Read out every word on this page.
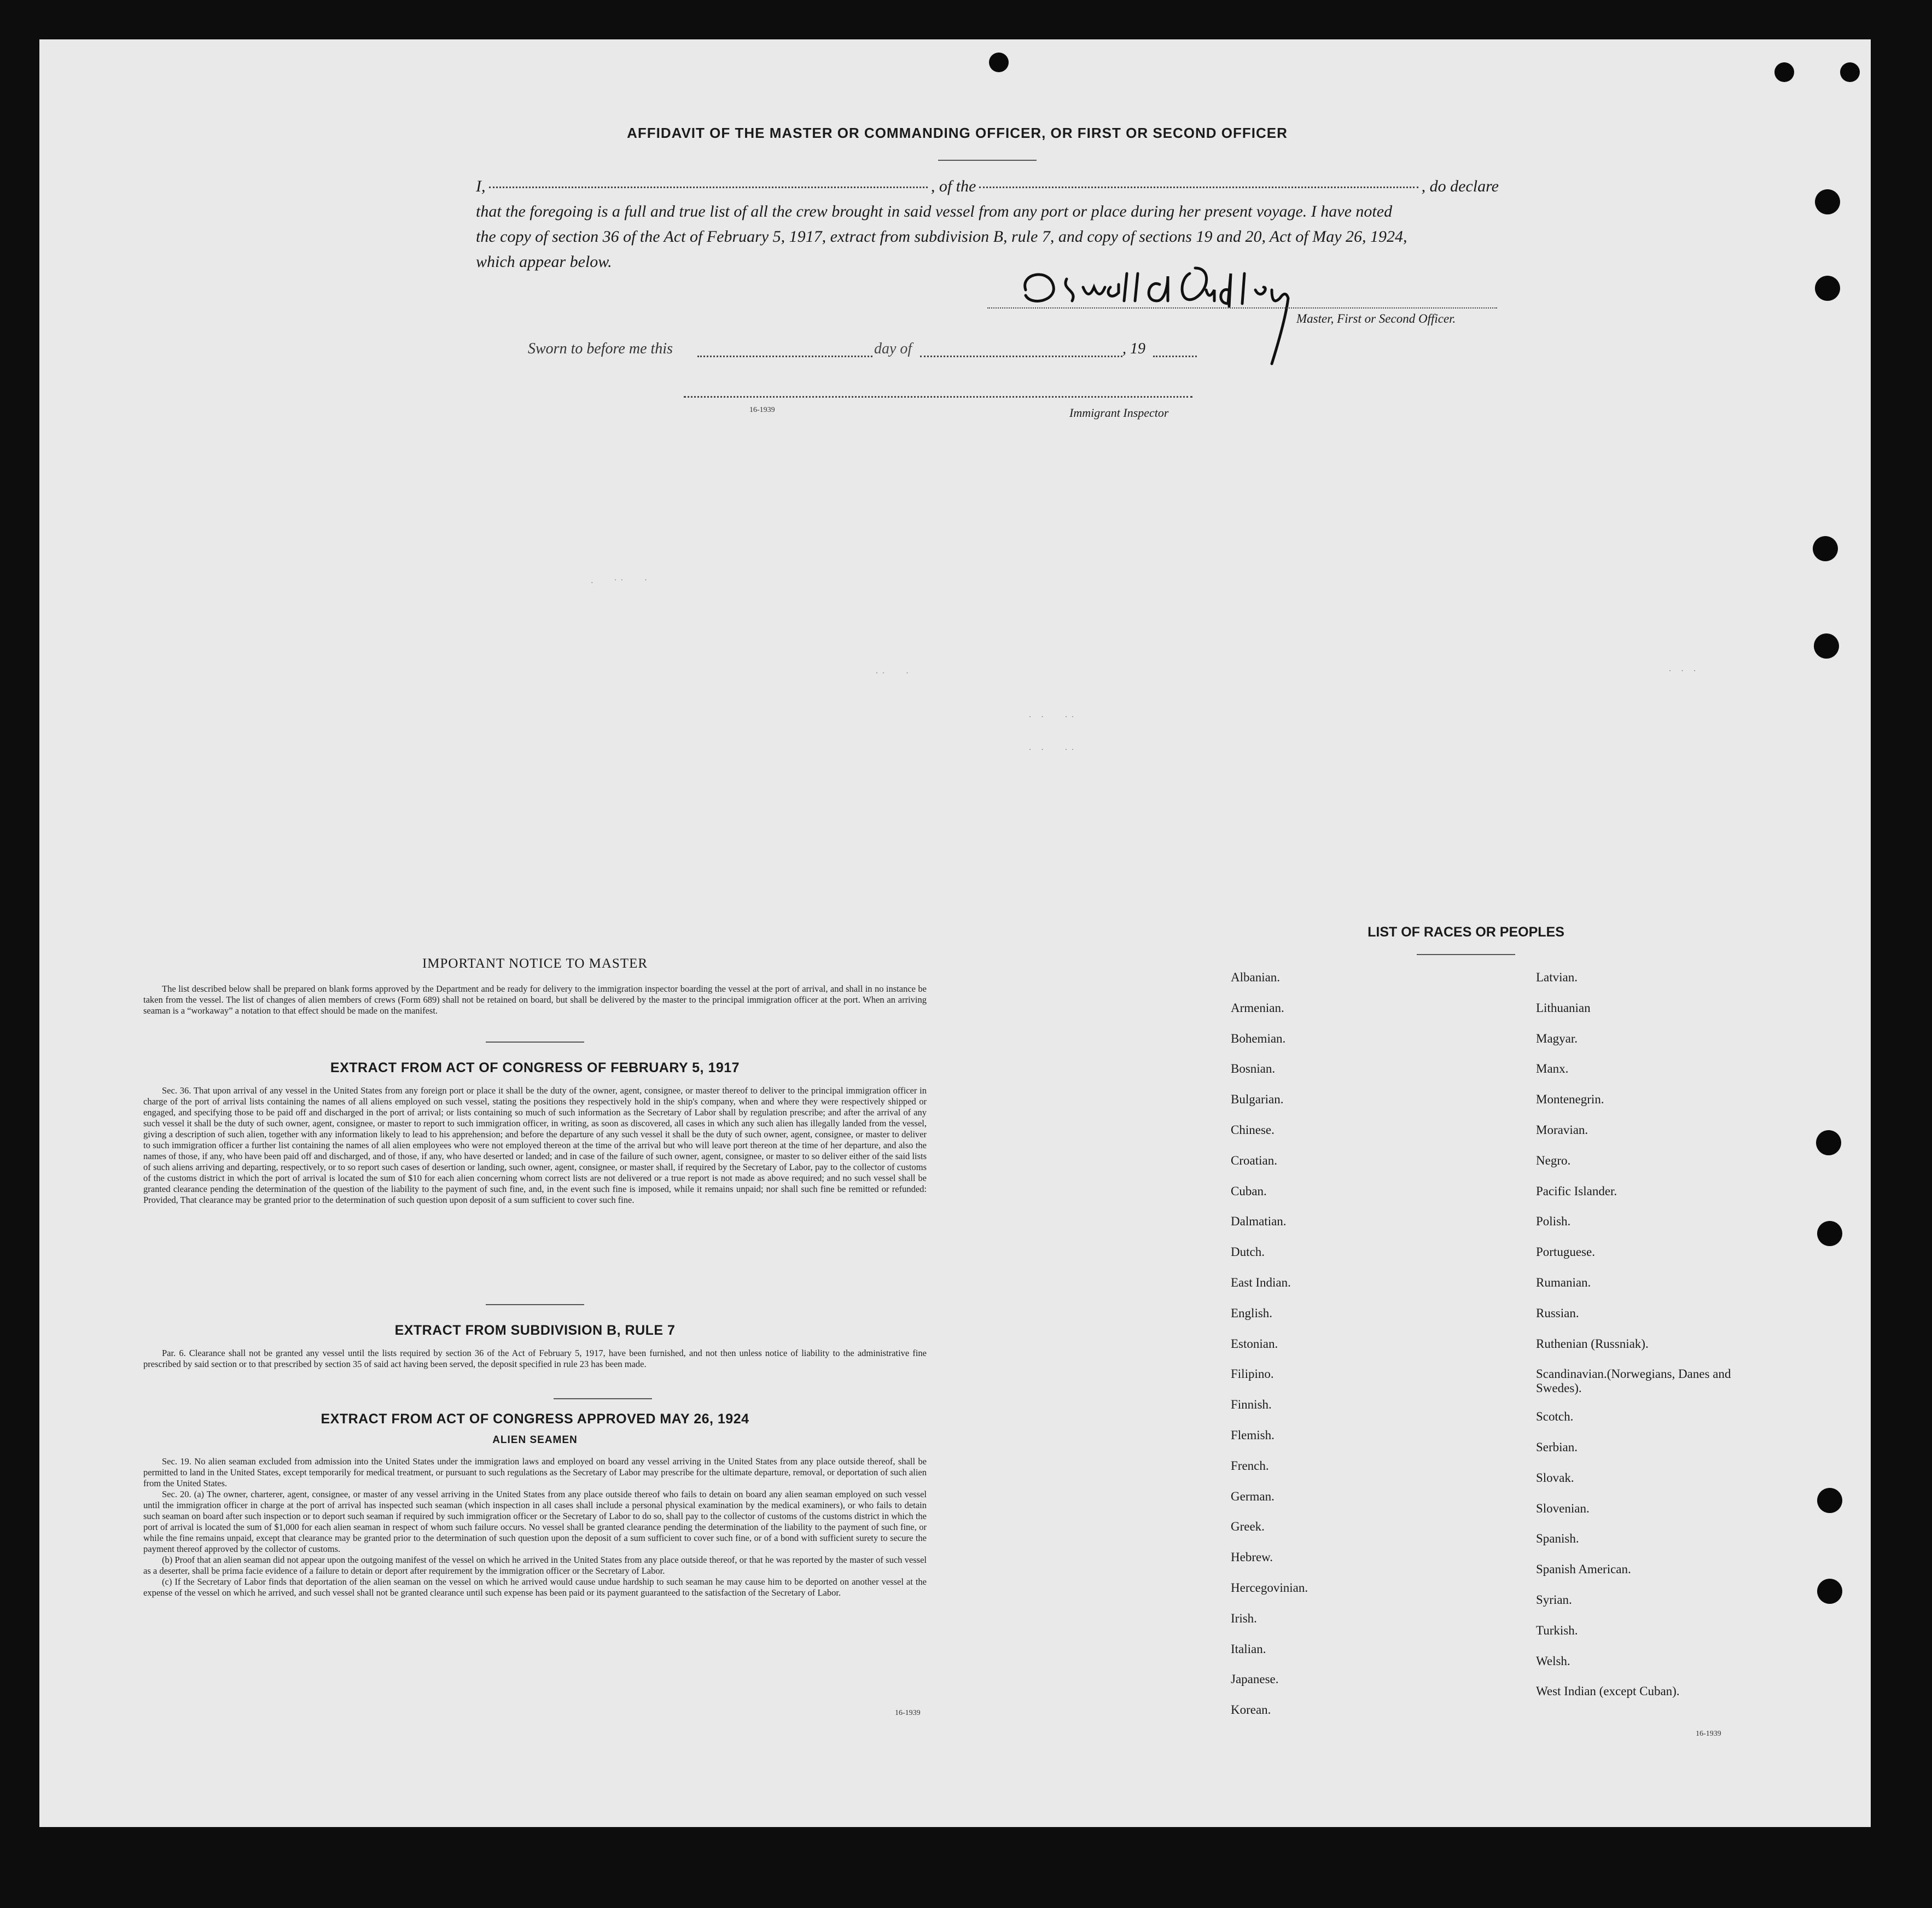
AFFIDAVIT OF THE MASTER OR COMMANDING OFFICER, OR FIRST OR SECOND OFFICER
I,	, of the	, do declare
that the foregoing is a full and true list of all the crew brought in said vessel from any port or place during her present voyage. I have noted
the copy of section 36 of the Act of February 5, 1917, extract from subdivision B, rule 7, and copy of sections 19 and 20, Act of May 26, 1924,
which appear below.
Master, First or Second Officer.
Sworn to before me this	day of	, 19
16-1939	Immigrant Inspector
.   ··   ·
··   ·
· ·   ··
· ·   ··
· · ·
IMPORTANT NOTICE TO MASTER

The list described below shall be prepared on blank forms approved by the Department and be ready for delivery to the immigration inspector boarding the vessel at the port of arrival, and shall in no instance be taken from the vessel. The list of changes of alien members of crews (Form 689) shall not be retained on board, but shall be delivered by the master to the principal immigration officer at the port. When an arriving seaman is a “workaway” a notation to that effect should be made on the manifest.

EXTRACT FROM ACT OF CONGRESS OF FEBRUARY 5, 1917

Sec. 36. That upon arrival of any vessel in the United States from any foreign port or place it shall be the duty of the owner, agent, consignee, or master thereof to deliver to the principal immigration officer in charge of the port of arrival lists containing the names of all aliens employed on such vessel, stating the positions they respectively hold in the ship's company, when and where they were respectively shipped or engaged, and specifying those to be paid off and discharged in the port of arrival; or lists containing so much of such information as the Secretary of Labor shall by regulation prescribe; and after the arrival of any such vessel it shall be the duty of such owner, agent, consignee, or master to report to such immigration officer, in writing, as soon as discovered, all cases in which any such alien has illegally landed from the vessel, giving a description of such alien, together with any information likely to lead to his apprehension; and before the departure of any such vessel it shall be the duty of such owner, agent, consignee, or master to deliver to such immigration officer a further list containing the names of all alien employees who were not employed thereon at the time of the arrival but who will leave port thereon at the time of her departure, and also the names of those, if any, who have been paid off and discharged, and of those, if any, who have deserted or landed; and in case of the failure of such owner, agent, consignee, or master to so deliver either of the said lists of such aliens arriving and departing, respectively, or to so report such cases of desertion or landing, such owner, agent, consignee, or master shall, if required by the Secretary of Labor, pay to the collector of customs of the customs district in which the port of arrival is located the sum of $10 for each alien concerning whom correct lists are not delivered or a true report is not made as above required; and no such vessel shall be granted clearance pending the determination of the question of the liability to the payment of such fine, and, in the event such fine is imposed, while it remains unpaid; nor shall such fine be remitted or refunded: Provided, That clearance may be granted prior to the determination of such question upon deposit of a sum sufficient to cover such fine.

EXTRACT FROM SUBDIVISION B, RULE 7

Par. 6. Clearance shall not be granted any vessel until the lists required by section 36 of the Act of February 5, 1917, have been furnished, and not then unless notice of liability to the administrative fine prescribed by said section or to that prescribed by section 35 of said act having been served, the deposit specified in rule 23 has been made.

EXTRACT FROM ACT OF CONGRESS APPROVED MAY 26, 1924
ALIEN SEAMEN

Sec. 19. No alien seaman excluded from admission into the United States under the immigration laws and employed on board any vessel arriving in the United States from any place outside thereof, shall be permitted to land in the United States, except temporarily for medical treatment, or pursuant to such regulations as the Secretary of Labor may prescribe for the ultimate departure, removal, or deportation of such alien from the United States.

Sec. 20. (a) The owner, charterer, agent, consignee, or master of any vessel arriving in the United States from any place outside thereof who fails to detain on board any alien seaman employed on such vessel until the immigration officer in charge at the port of arrival has inspected such seaman (which inspection in all cases shall include a personal physical examination by the medical examiners), or who fails to detain such seaman on board after such inspection or to deport such seaman if required by such immigration officer or the Secretary of Labor to do so, shall pay to the collector of customs of the customs district in which the port of arrival is located the sum of $1,000 for each alien seaman in respect of whom such failure occurs. No vessel shall be granted clearance pending the determination of the liability to the payment of such fine, or while the fine remains unpaid, except that clearance may be granted prior to the determination of such question upon the deposit of a sum sufficient to cover such fine, or of a bond with sufficient surety to secure the payment thereof approved by the collector of customs.

(b) Proof that an alien seaman did not appear upon the outgoing manifest of the vessel on which he arrived in the United States from any place outside thereof, or that he was reported by the master of such vessel as a deserter, shall be prima facie evidence of a failure to detain or deport after requirement by the immigration officer or the Secretary of Labor.

(c) If the Secretary of Labor finds that deportation of the alien seaman on the vessel on which he arrived would cause undue hardship to such seaman he may cause him to be deported on another vessel at the expense of the vessel on which he arrived, and such vessel shall not be granted clearance until such expense has been paid or its payment guaranteed to the satisfaction of the Secretary of Labor.

16-1939
LIST OF RACES OR PEOPLES
Albanian.
Armenian.
Bohemian.
Bosnian.
Bulgarian.
Chinese.
Croatian.
Cuban.
Dalmatian.
Dutch.
East Indian.
English.
Estonian.
Filipino.
Finnish.
Flemish.
French.
German.
Greek.
Hebrew.
Hercegovinian.
Irish.
Italian.
Japanese.
Korean.
Latvian.
Lithuanian
Magyar.
Manx.
Montenegrin.
Moravian.
Negro.
Pacific Islander.
Polish.
Portuguese.
Rumanian.
Russian.
Ruthenian (Russniak).
Scandinavian.(Norwegians, Danes and Swedes).
Scotch.
Serbian.
Slovak.
Slovenian.
Spanish.
Spanish American.
Syrian.
Turkish.
Welsh.
West Indian (except Cuban).
16-1939
